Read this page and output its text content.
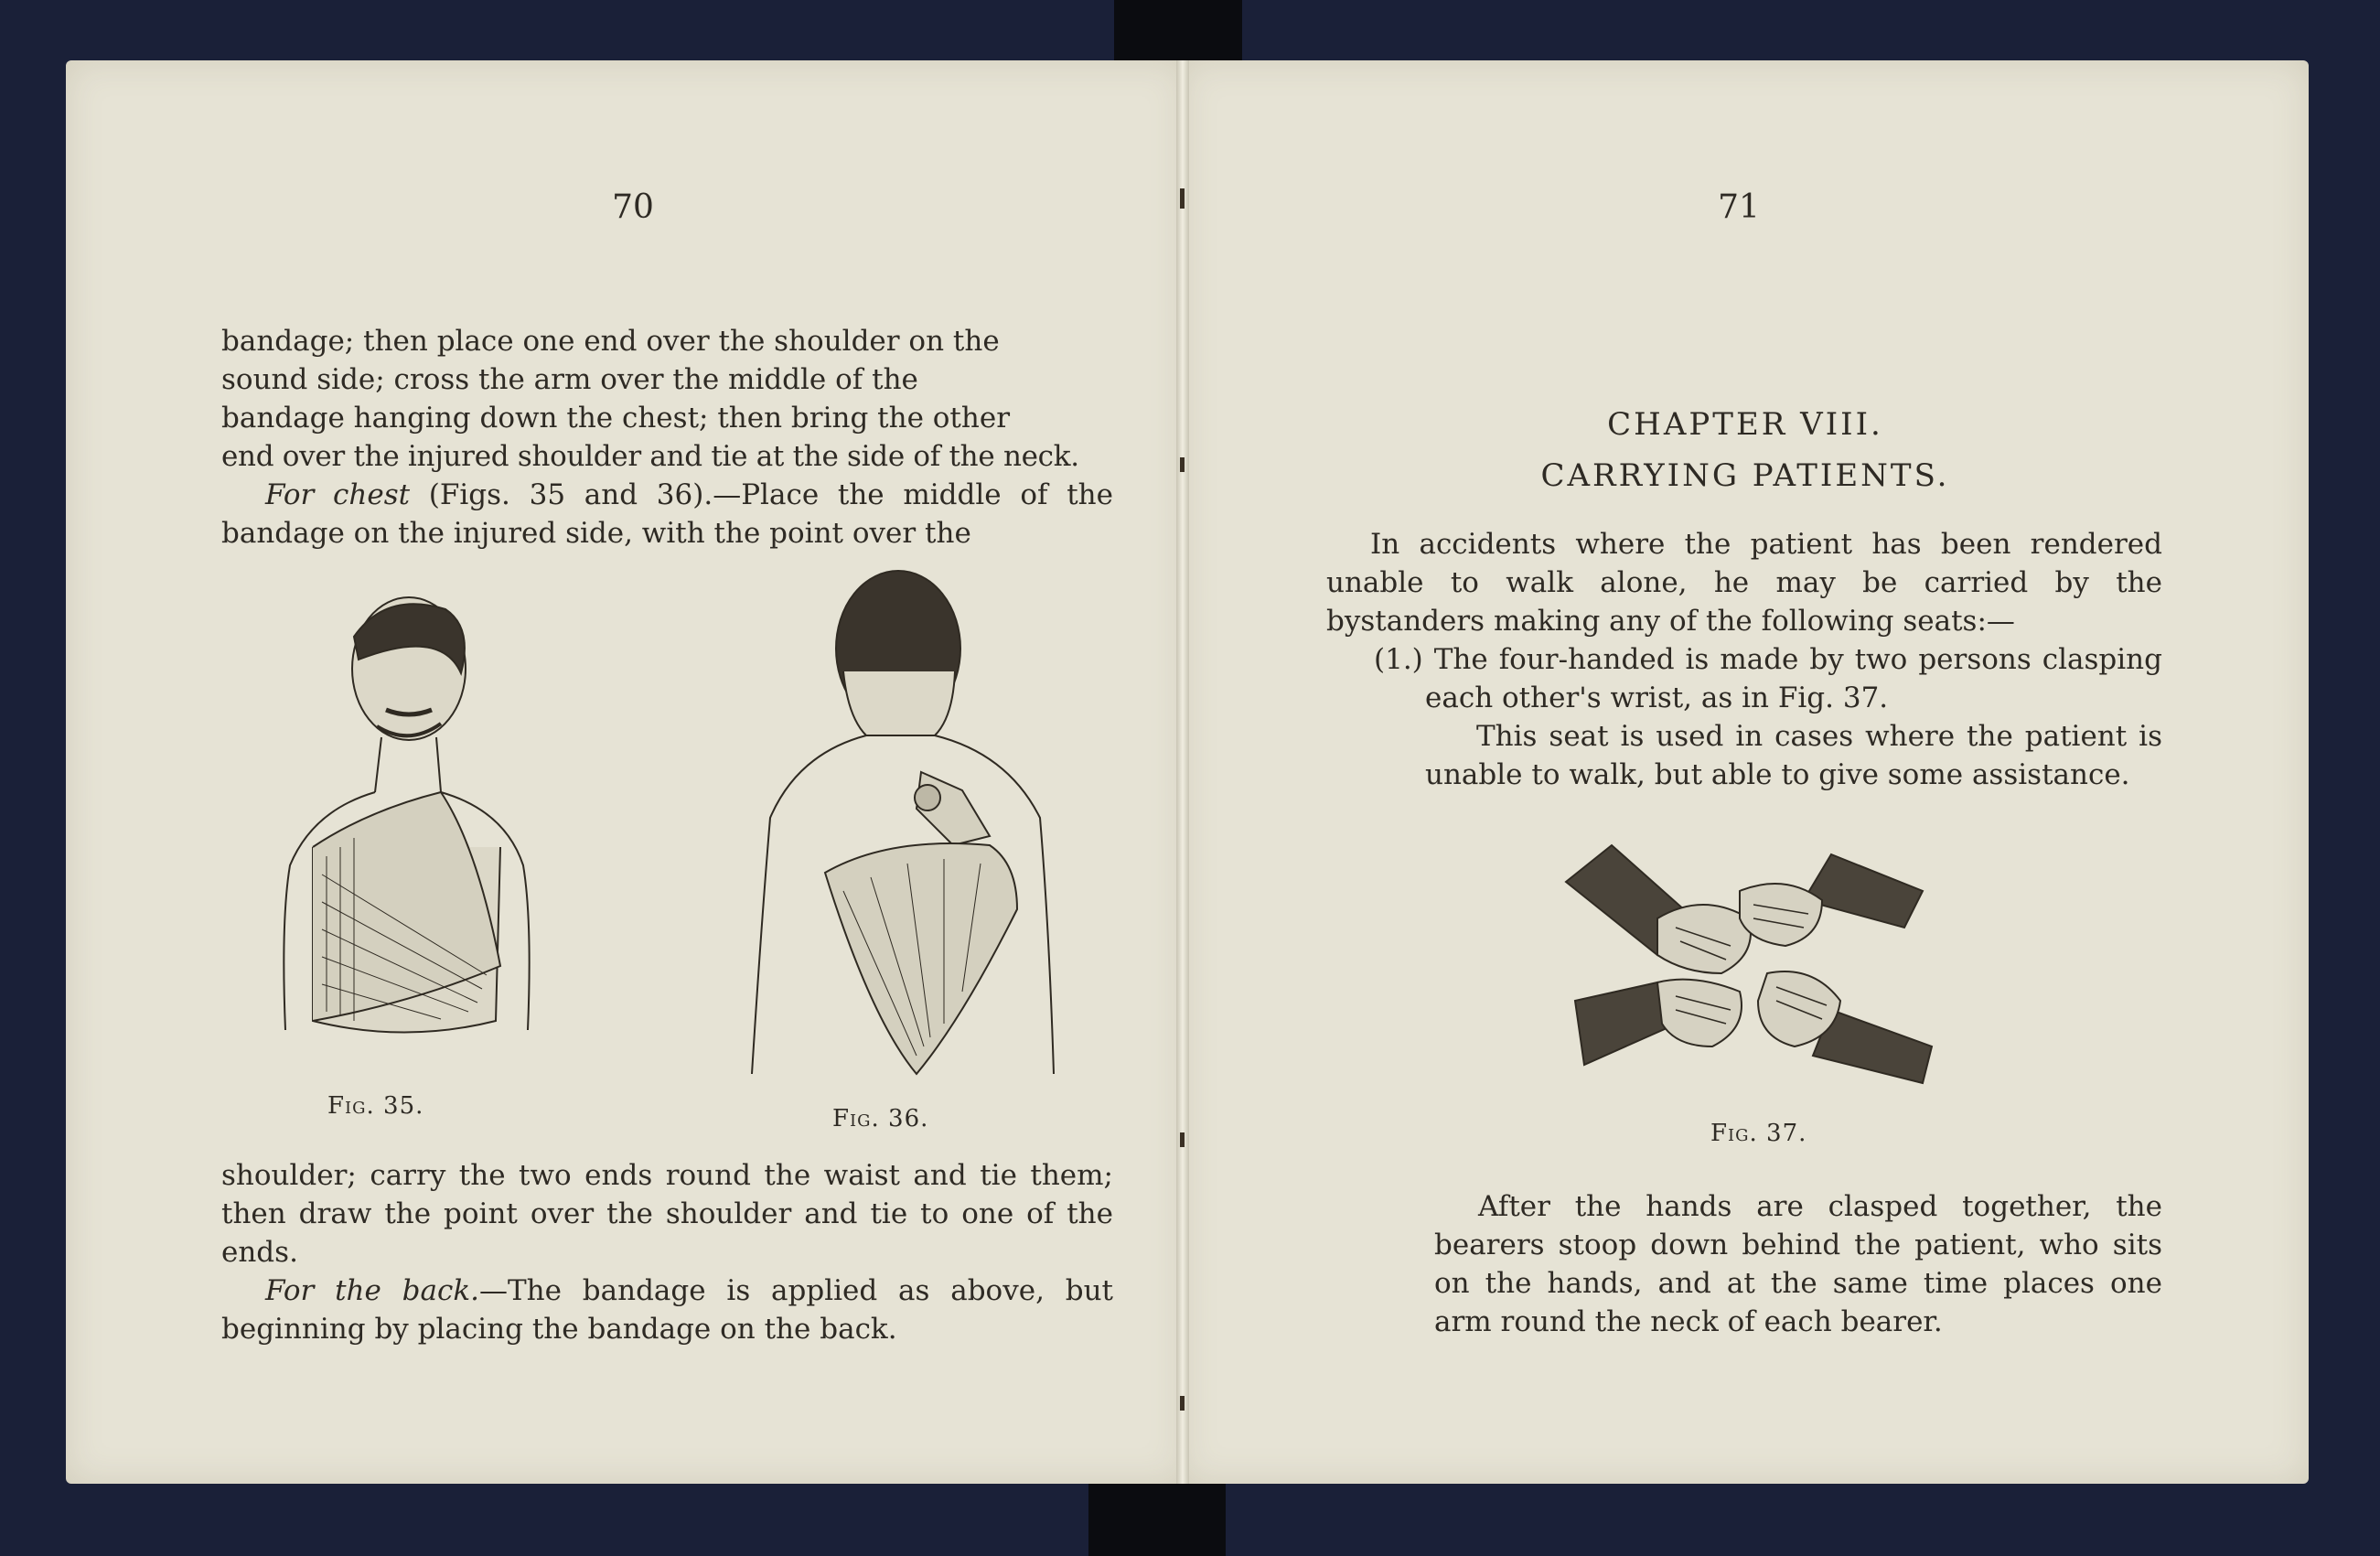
70

bandage; then place one end over the shoulder on the

sound side; cross the arm over the middle of the

bandage hanging down the chest; then bring the other

end over the injured shoulder and tie at the side of the neck.

For chest (Figs. 35 and 36).—Place the middle of the bandage on the injured side, with the point over the

Fig. 35.	Fig. 36.

shoulder; carry the two ends round the waist and tie them; then draw the point over the shoulder and tie to one of the ends.

For the back.—The bandage is applied as above, but beginning by placing the bandage on the back.

71
CHAPTER VIII.
CARRYING PATIENTS.

In accidents where the patient has been rendered unable to walk alone, he may be carried by the bystanders making any of the following seats:—

(1.) The four-handed is made by two persons clasping each other's wrist, as in Fig. 37.

This seat is used in cases where the patient is unable to walk, but able to give some assistance.

Fig. 37.

After the hands are clasped together, the bearers stoop down behind the patient, who sits on the hands, and at the same time places one arm round the neck of each bearer.
